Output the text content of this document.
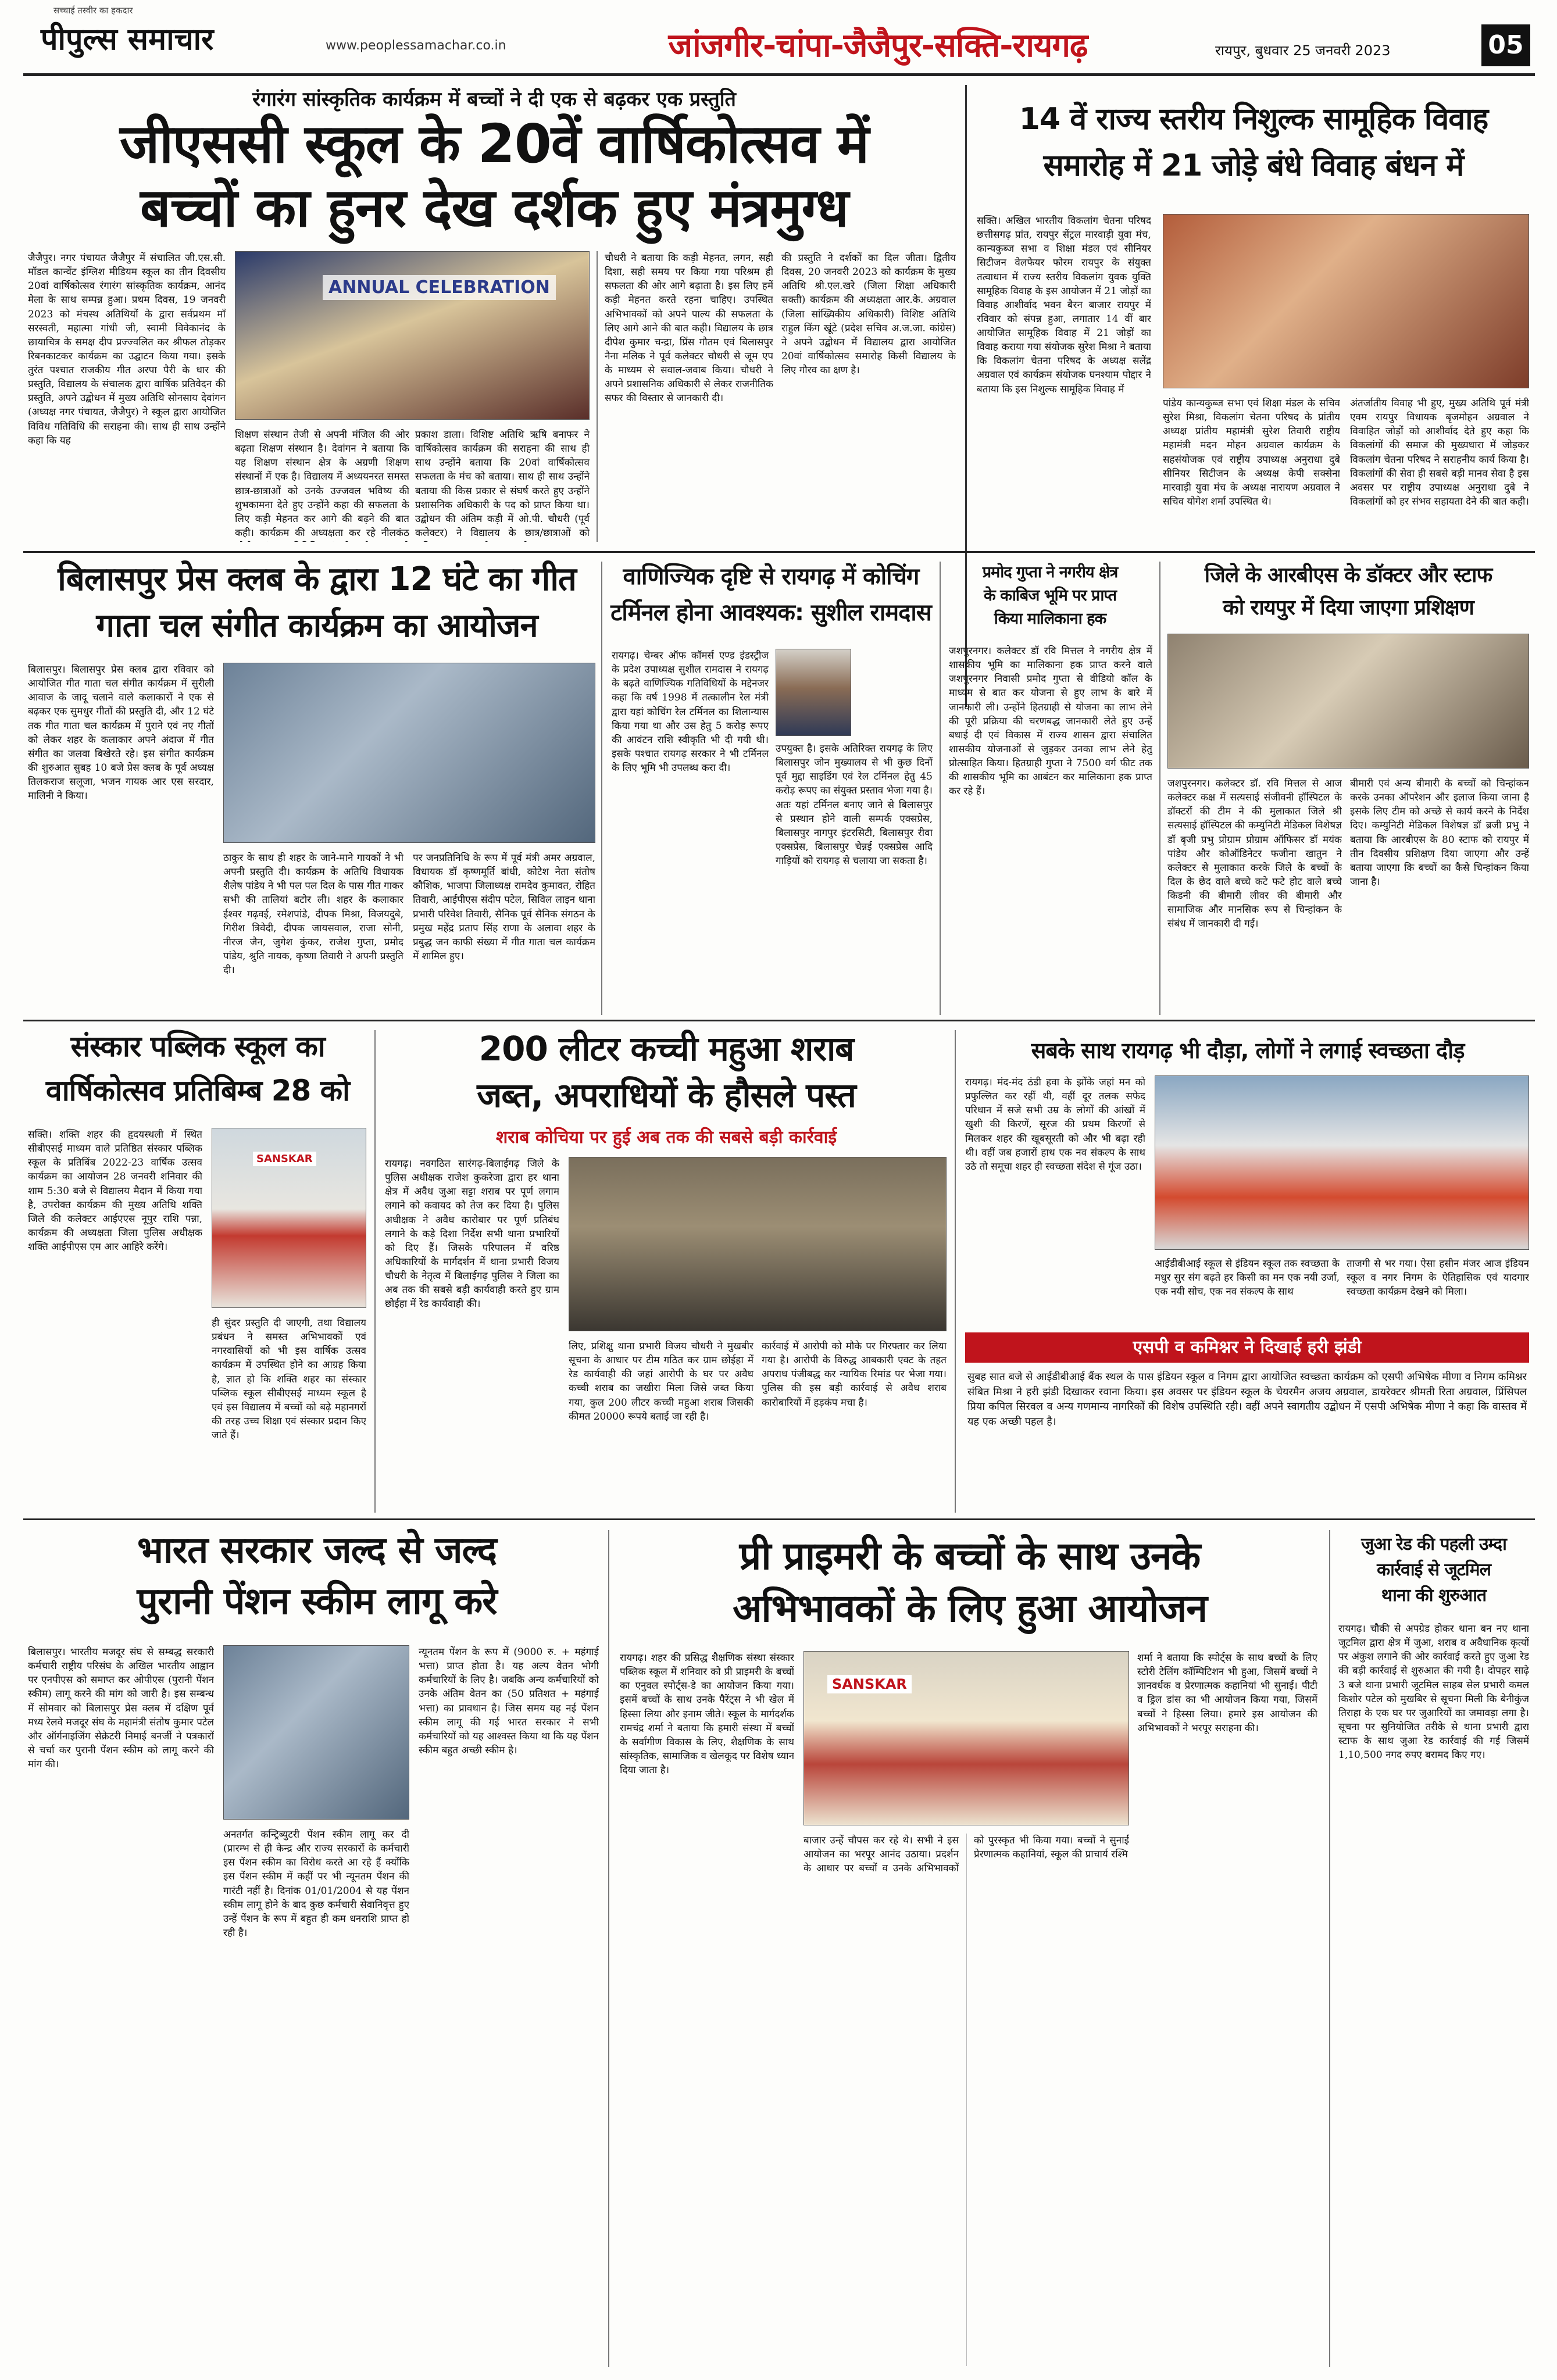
सच्चाई तस्वीर का हकदार
पीपुल्स समाचार	www.peoplessamachar.co.in	जांजगीर-चांपा-जैजैपुर-सक्ति-रायगढ़	रायपुर, बुधवार 25 जनवरी 2023	05
रंगारंग सांस्कृतिक कार्यक्रम में बच्चों ने दी एक से बढ़कर एक प्रस्तुति
जीएससी स्कूल के 20वें वार्षिकोत्सव में
बच्चों का हुनर देख दर्शक हुए मंत्रमुग्ध
जैजैपुर। नगर पंचायत जैजैपुर में संचालित जी.एस.सी. मॉडल कान्वेंट इंग्लिश मीडियम स्कूल का तीन दिवसीय 20वां वार्षिकोत्सव रंगारंग सांस्कृतिक कार्यक्रम, आनंद मेला के साथ सम्पन्न हुआ। प्रथम दिवस, 19 जनवरी 2023 को मंचस्थ अतिथियों के द्वारा सर्वप्रथम माँ सरस्वती, महात्मा गांधी जी, स्वामी विवेकानंद के छायाचित्र के समक्ष दीप प्रज्ज्वलित कर श्रीफल तोड़कर रिबनकाटकर कार्यक्रम का उद्घाटन किया गया। इसके तुरंत पश्चात राजकीय गीत अरपा पैरी के धार की प्रस्तुति, विद्यालय के संचालक द्वारा वार्षिक प्रतिवेदन की प्रस्तुति, अपने उद्बोधन में मुख्य अतिथि सोनसाय देवांगन (अध्यक्ष नगर पंचायत, जैजैपुर) ने स्कूल द्वारा आयोजित विविध गतिविधि की सराहना की। साथ ही साथ उन्होंने कहा कि यह
ANNUAL CELEBRATION
शिक्षण संस्थान तेजी से अपनी मंजिल की ओर बढ़ता शिक्षण संस्थान है। देवांगन ने बताया कि यह शिक्षण संस्थान क्षेत्र के अग्रणी शिक्षण संस्थानों में एक है। विद्यालय में अध्ययनरत समस्त छात्र-छात्राओं को उनके उज्जवल भविष्य की शुभकामना देते हुए उन्होंने कहा की सफलता के लिए कड़ी मेहनत कर आगे की बढ़ने की बात कही। कार्यक्रम की अध्यक्षता कर रहे नीलकंठ
प्रकाश डाला। विशिष्ट अतिथि ऋषि बनाफर ने वार्षिकोत्सव कार्यक्रम की सराहना की साथ ही साथ उन्होंने बताया कि 20वां वार्षिकोत्सव सफलता के मंच को बताया। साथ ही साथ उन्होंने बताया की किस प्रकार से संघर्ष करते हुए उन्होंने प्रशासनिक अधिकारी के पद को प्राप्त किया था। उद्बोधन की अंतिम कड़ी में ओ.पी. चौधरी (पूर्व कलेक्टर) ने विद्यालय के छात्र/छात्राओं को
चौधरी ने बताया कि कड़ी मेहनत, लगन, सही दिशा, सही समय पर किया गया परिश्रम ही सफलता की ओर आगे बढ़ाता है। इस लिए हमें कड़ी मेहनत करते रहना चाहिए। उपस्थित अभिभावकों को अपने पाल्य की सफलता के लिए आगे आने की बात कही। विद्यालय के छात्र दीपेश कुमार चन्द्रा, प्रिंस गौतम एवं बिलासपुर नैना मलिक ने पूर्व कलेक्टर चौधरी से जूम एप के माध्यम से सवाल-जवाब किया। चौधरी ने अपने प्रशासनिक अधिकारी से लेकर राजनीतिक सफर की विस्तार से जानकारी दी।
की प्रस्तुति ने दर्शकों का दिल जीता। द्वितीय दिवस, 20 जनवरी 2023 को कार्यक्रम के मुख्य अतिथि श्री.एल.खरे (जिला शिक्षा अधिकारी सक्ती) कार्यक्रम की अध्यक्षता आर.के. अग्रवाल (जिला सांख्यिकीय अधिकारी) विशिष्ट अतिथि राहुल किंग खूंटे (प्रदेश सचिव अ.ज.जा. कांग्रेस) ने अपने उद्बोधन में विद्यालय द्वारा आयोजित 20वां वार्षिकोत्सव समारोह किसी विद्यालय के लिए गौरव का क्षण है।
14 वें राज्य स्तरीय निशुल्क सामूहिक विवाह
समारोह में 21 जोड़े बंधे विवाह बंधन में
सक्ति। अखिल भारतीय विकलांग चेतना परिषद छत्तीसगढ़ प्रांत, रायपुर सेंट्रल मारवाड़ी युवा मंच, कान्यकुब्ज सभा व शिक्षा मंडल एवं सीनियर सिटीजन वेलफेयर फोरम रायपुर के संयुक्त तत्वाधान में राज्य स्तरीय विकलांग युवक युक्ति सामूहिक विवाह के इस आयोजन में 21 जोड़ों का विवाह आशीर्वाद भवन बैरन बाजार रायपुर में रविवार को संपन्न हुआ, लगातार 14 वीं बार आयोजित सामूहिक विवाह में 21 जोड़ों का विवाह कराया गया संयोजक सुरेश मिश्रा ने बताया कि विकलांग चेतना परिषद के अध्यक्ष सलेंद्र अग्रवाल एवं कार्यक्रम संयोजक घनश्याम पोद्दार ने बताया कि इस निशुल्क सामूहिक विवाह में
पांडेय कान्यकुब्ज सभा एवं शिक्षा मंडल के सचिव सुरेश मिश्रा, विकलांग चेतना परिषद के प्रांतीय अध्यक्ष प्रांतीय महामंत्री सुरेश तिवारी राष्ट्रीय महामंत्री मदन मोहन अग्रवाल कार्यक्रम के सहसंयोजक एवं राष्ट्रीय उपाध्यक्ष अनुराधा दुबे सीनियर सिटीजन के अध्यक्ष केपी सक्सेना मारवाड़ी युवा मंच के अध्यक्ष नारायण अग्रवाल ने सचिव योगेश शर्मा उपस्थित थे।
अंतर्जातीय विवाह भी हुए, मुख्य अतिथि पूर्व मंत्री एवम रायपुर विधायक बृजमोहन अग्रवाल ने विवाहित जोड़ों को आशीर्वाद देते हुए कहा कि विकलांगों की समाज की मुख्यधारा में जोड़कर विकलांग चेतना परिषद ने सराहनीय कार्य किया है। विकलांगों की सेवा ही सबसे बड़ी मानव सेवा है इस अवसर पर राष्ट्रीय उपाध्यक्ष अनुराधा दुबे ने विकलांगों को हर संभव सहायता देने की बात कही।
बिलासपुर प्रेस क्लब के द्वारा 12 घंटे का गीत
गाता चल संगीत कार्यक्रम का आयोजन
बिलासपुर। बिलासपुर प्रेस क्लब द्वारा रविवार को आयोजित गीत गाता चल संगीत कार्यक्रम में सुरीली आवाज के जादू चलाने वाले कलाकारों ने एक से बढ़कर एक सुमधुर गीतों की प्रस्तुति दी, और 12 घंटे तक गीत गाता चल कार्यक्रम में पुराने एवं नए गीतों को लेकर शहर के कलाकार अपने अंदाज में गीत संगीत का जलवा बिखेरते रहे। इस संगीत कार्यक्रम की शुरुआत सुबह 10 बजे प्रेस क्लब के पूर्व अध्यक्ष तिलकराज सलूजा, भजन गायक आर एस सरदार, मालिनी ने किया।
ठाकुर के साथ ही शहर के जाने-माने गायकों ने भी अपनी प्रस्तुति दी। कार्यक्रम के अतिथि विधायक शैलेष पांडेय ने भी पल पल दिल के पास गीत गाकर सभी की तालियां बटोर ली। शहर के कलाकार ईश्वर गढ़वई, रमेशपांडे, दीपक मिश्रा, विजयदुबे, गिरीश त्रिवेदी, दीपक जायसवाल, राजा सोनी, नीरज जैन, जुगेश कुंकर, राजेश गुप्ता, प्रमोद पांडेय, श्रुति नायक, कृष्णा तिवारी ने अपनी प्रस्तुति दी।
पर जनप्रतिनिधि के रूप में पूर्व मंत्री अमर अग्रवाल, विधायक डॉ कृष्णमूर्ति बांधी, कोटेश नेता संतोष कौशिक, भाजपा जिलाध्यक्ष रामदेव कुमावत, रोहित तिवारी, आईपीएस संदीप पटेल, सिविल लाइन थाना प्रभारी परिवेश तिवारी, सैनिक पूर्व सैनिक संगठन के प्रमुख महेंद्र प्रताप सिंह राणा के अलावा शहर के प्रबुद्ध जन काफी संख्या में गीत गाता चल कार्यक्रम में शामिल हुए।
वाणिज्यिक दृष्टि से रायगढ़ में कोचिंग
टर्मिनल होना आवश्यक: सुशील रामदास
रायगढ़। चेम्बर ऑफ कॉमर्स एण्ड इंडस्ट्रीज के प्रदेश उपाध्यक्ष सुशील रामदास ने रायगढ़ के बढ़ते वाणिज्यिक गतिविधियों के मद्देनजर कहा कि वर्ष 1998 में तत्कालीन रेल मंत्री द्वारा यहां कोचिंग रेल टर्मिनल का शिलान्यास किया गया था और उस हेतु 5 करोड़ रूपए की आवंटन राशि स्वीकृति भी दी गयी थी। इसके पश्चात रायगढ़ सरकार ने भी टर्मिनल के लिए भूमि भी उपलब्ध करा दी।
उपयुक्त है। इसके अतिरिक्त रायगढ़ के लिए बिलासपुर जोन मुख्यालय से भी कुछ दिनों पूर्व मुद्दा साइडिंग एवं रेल टर्मिनल हेतु 45 करोड़ रूपए का संयुक्त प्रस्ताव भेजा गया है। अतः यहां टर्मिनल बनाए जाने से बिलासपुर से प्रस्थान होने वाली सम्पर्क एक्सप्रेस, बिलासपुर नागपुर इंटरसिटी, बिलासपुर रीवा एक्सप्रेस, बिलासपुर चेन्नई एक्सप्रेस आदि गाड़ियों को रायगढ़ से चलाया जा सकता है।
प्रमोद गुप्ता ने नगरीय क्षेत्र
के काबिज भूमि पर प्राप्त
किया मालिकाना हक
जशपुरनगर। कलेक्टर डॉ रवि मित्तल ने नगरीय क्षेत्र में शासकीय भूमि का मालिकाना हक प्राप्त करने वाले जशपुरनगर निवासी प्रमोद गुप्ता से वीडियो कॉल के माध्यम से बात कर योजना से हुए लाभ के बारे में जानकारी ली। उन्होंने हितग्राही से योजना का लाभ लेने की पूरी प्रक्रिया की चरणबद्ध जानकारी लेते हुए उन्हें बधाई दी एवं विकास में राज्य शासन द्वारा संचालित शासकीय योजनाओं से जुड़कर उनका लाभ लेने हेतु प्रोत्साहित किया। हितग्राही गुप्ता ने 7500 वर्ग फीट तक की शासकीय भूमि का आबंटन कर मालिकाना हक प्राप्त कर रहे हैं।
जिले के आरबीएस के डॉक्टर और स्टाफ
को रायपुर में दिया जाएगा प्रशिक्षण
जशपुरनगर। कलेक्टर डॉ. रवि मित्तल से आज कलेक्टर कक्ष में सत्यसाई संजीवनी हॉस्पिटल के डॉक्टरों की टीम ने की मुलाकात जिले श्री सत्यसाई हॉस्पिटल की कम्युनिटी मेडिकल विशेषज्ञ डॉ बृजी प्रभु प्रोग्राम प्रोग्राम ऑफिसर डॉ मयंक पांडेय और कोऑडिनेटर फजीना खातुन ने कलेक्टर से मुलाकात करके जिले के बच्चों के दिल के छेद वाले बच्चे कटे फटे होट वाले बच्चे किडनी की बीमारी लीवर की बीमारी और सामाजिक और मानसिक रूप से चिन्हांकन के संबंध में जानकारी दी गई।
बीमारी एवं अन्य बीमारी के बच्चों को चिन्हांकन करके उनका ऑपरेशन और इलाज किया जाना है इसके लिए टीम को अच्छे से कार्य करने के निर्देश दिए। कम्युनिटी मेडिकल विशेषज्ञ डॉ ब्रजी प्रभु ने बताया कि आरबीएस के 80 स्टाफ को रायपुर में तीन दिवसीय प्रशिक्षण दिया जाएगा और उन्हें बताया जाएगा कि बच्चों का कैसे चिन्हांकन किया जाना है।
संस्कार पब्लिक स्कूल का
वार्षिकोत्सव प्रतिबिम्ब 28 को
सक्ति। शक्ति शहर की हृदयस्थली में स्थित सीबीएसई माध्यम वाले प्रतिष्ठित संस्कार पब्लिक स्कूल के प्रतिबिंब 2022-23 वार्षिक उत्सव कार्यक्रम का आयोजन 28 जनवरी शनिवार की शाम 5:30 बजे से विद्यालय मैदान में किया गया है, उपरोक्त कार्यक्रम की मुख्य अतिथि शक्ति जिले की कलेक्टर आईएएस नूपुर राशि पन्ना, कार्यक्रम की अध्यक्षता जिला पुलिस अधीक्षक शक्ति आईपीएस एम आर आहिरे करेंगे।
SANSKAR
ही सुंदर प्रस्तुति दी जाएगी, तथा विद्यालय प्रबंधन ने समस्त अभिभावकों एवं नगरवासियों को भी इस वार्षिक उत्सव कार्यक्रम में उपस्थित होने का आग्रह किया है, ज्ञात हो कि शक्ति शहर का संस्कार पब्लिक स्कूल सीबीएसई माध्यम स्कूल है एवं इस विद्यालय में बच्चों को बढ़े महानगरों की तरह उच्च शिक्षा एवं संस्कार प्रदान किए जाते हैं।
200 लीटर कच्ची महुआ शराब
जब्त, अपराधियों के हौसले पस्त
शराब कोचिया पर हुई अब तक की सबसे बड़ी कार्रवाई
रायगढ़। नवगठित सारंगढ़-बिलाईगढ़ जिले के पुलिस अधीक्षक राजेश कुकरेजा द्वारा हर थाना क्षेत्र में अवैध जुआ सट्टा शराब पर पूर्ण लगाम लगाने को कवायद को तेज कर दिया है। पुलिस अधीक्षक ने अवैध कारोबार पर पूर्ण प्रतिबंध लगाने के कड़े दिशा निर्देश सभी थाना प्रभारियों को दिए हैं। जिसके परिपालन में वरिष्ठ अधिकारियों के मार्गदर्शन में थाना प्रभारी विजय चौधरी के नेतृत्व में बिलाईगढ़ पुलिस ने जिला का अब तक की सबसे बड़ी कार्यवाही करते हुए ग्राम छोईहा में रेड कार्यवाही की।
लिए, प्रशिक्षु थाना प्रभारी विजय चौधरी ने मुखबीर सूचना के आधार पर टीम गठित कर ग्राम छोईहा में रेड कार्यवाही की जहां आरोपी के घर पर अवैध कच्ची शराब का जखीरा मिला जिसे जब्त किया गया, कुल 200 लीटर कच्ची महुआ शराब जिसकी कीमत 20000 रूपये बताई जा रही है।
कार्रवाई में आरोपी को मौके पर गिरफ्तार कर लिया गया है। आरोपी के विरुद्ध आबकारी एक्ट के तहत अपराध पंजीबद्ध कर न्यायिक रिमांड पर भेजा गया। पुलिस की इस बड़ी कार्रवाई से अवैध शराब कारोबारियों में हड़कंप मचा है।
सबके साथ रायगढ़ भी दौड़ा, लोगों ने लगाई स्वच्छता दौड़
रायगढ़। मंद-मंद ठंडी हवा के झोंके जहां मन को प्रफुल्लित कर रहीं थी, वहीं दूर तलक सफेद परिधान में सजे सभी उम्र के लोगों की आंखों में खुशी की किरणें, सूरज की प्रथम किरणों से मिलकर शहर की खूबसूरती को और भी बढ़ा रही थी। वहीं जब हजारों हाथ एक नव संकल्प के साथ उठे तो समूचा शहर ही स्वच्छता संदेश से गूंज उठा।
आईडीबीआई स्कूल से इंडियन स्कूल तक स्वच्छता के मधुर सुर संग बढ़ते हर किसी का मन एक नयी उर्जा, एक नयी सोच, एक नव संकल्प के साथ
ताजगी से भर गया। ऐसा हसीन मंजर आज इंडियन स्कूल व नगर निगम के ऐतिहासिक एवं यादगार स्वच्छता कार्यक्रम देखने को मिला।
एसपी व कमिश्नर ने दिखाई हरी झंडी
सुबह सात बजे से आईडीबीआई बैंक स्थल के पास इंडियन स्कूल व निगम द्वारा आयोजित स्वच्छता कार्यक्रम को एसपी अभिषेक मीणा व निगम कमिश्नर संबित मिश्रा ने हरी झंडी दिखाकर रवाना किया। इस अवसर पर इंडियन स्कूल के चेयरमैन अजय अग्रवाल, डायरेक्टर श्रीमती रिता अग्रवाल, प्रिंसिपल प्रिया कपिल सिरवल व अन्य गणमान्य नागरिकों की विशेष उपस्थिति रही। वहीं अपने स्वागतीय उद्बोधन में एसपी अभिषेक मीणा ने कहा कि वास्तव में यह एक अच्छी पहल है।
भारत सरकार जल्द से जल्द
पुरानी पेंशन स्कीम लागू करे
बिलासपुर। भारतीय मजदूर संघ से सम्बद्ध सरकारी कर्मचारी राष्ट्रीय परिसंघ के अखिल भारतीय आह्वान पर एनपीएस को समाप्त कर ओपीएस (पुरानी पेंशन स्कीम) लागू करने की मांग को जारी है। इस सम्बन्ध में सोमवार को बिलासपुर प्रेस क्लब में दक्षिण पूर्व मध्य रेलवे मजदूर संघ के महामंत्री संतोष कुमार पटेल और ऑर्गनाइजिंग सेक्रेटरी निमाई बनर्जी ने पत्रकारों से चर्चा कर पुरानी पेंशन स्कीम को लागू करने की मांग की।
अनतर्गत कन्ट्रिब्युटरी पेंशन स्कीम लागू कर दी (प्रारम्भ से ही केन्द्र और राज्य सरकारों के कर्मचारी इस पेंशन स्कीम का विरोध करते आ रहे हैं क्योंकि इस पेंशन स्कीम में कहीं पर भी न्यूनतम पेंशन की गारंटी नहीं है। दिनांक 01/01/2004 से यह पेंशन स्कीम लागू होने के बाद कुछ कर्मचारी सेवानिवृत्त हुए उन्हें पेंशन के रूप में बहुत ही कम धनराशि प्राप्त हो रही है।
न्यूनतम पेंशन के रूप में (9000 रु. + महंगाई भत्ता) प्राप्त होता है। यह अल्प वेतन भोगी कर्मचारियों के लिए है। जबकि अन्य कर्मचारियों को उनके अंतिम वेतन का (50 प्रतिशत + महंगाई भत्ता) का प्रावधान है। जिस समय यह नई पेंशन स्कीम लागू की गई भारत सरकार ने सभी कर्मचारियों को यह आश्वस्त किया था कि यह पेंशन स्कीम बहुत अच्छी स्कीम है।
प्री प्राइमरी के बच्चों के साथ उनके
अभिभावकों के लिए हुआ आयोजन
रायगढ़। शहर की प्रसिद्ध शैक्षणिक संस्था संस्कार पब्लिक स्कूल में शनिवार को प्री प्राइमरी के बच्चों का एनुवल स्पोर्ट्स-डे का आयोजन किया गया। इसमें बच्चों के साथ उनके पैरेंट्स ने भी खेल में हिस्सा लिया और इनाम जीते। स्कूल के मार्गदर्शक रामचंद्र शर्मा ने बताया कि हमारी संस्था में बच्चों के सर्वांगीण विकास के लिए, शैक्षणिक के साथ सांस्कृतिक, सामाजिक व खेलकूद पर विशेष ध्यान दिया जाता है।
SANSKAR
शर्मा ने बताया कि स्पोर्ट्स के साथ बच्चों के लिए स्टोरी टेलिंग कॉम्पिटिशन भी हुआ, जिसमें बच्चों ने ज्ञानवर्धक व प्रेरणात्मक कहानियां भी सुनाई। पीटी व ड्रिल डांस का भी आयोजन किया गया, जिसमें बच्चों ने हिस्सा लिया। हमारे इस आयोजन की अभिभावकों ने भरपूर सराहना की।
बाजार उन्हें चौपस कर रहे थे। सभी ने इस आयोजन का भरपूर आनंद उठाया। प्रदर्शन के आधार पर बच्चों व उनके अभिभावकों को पुरस्कृत भी किया गया। बच्चों ने सुनाईं प्रेरणात्मक कहानियां, स्कूल की प्राचार्य रश्मि
जुआ रेड की पहली उम्दा
कार्रवाई से जूटमिल
थाना की शुरुआत
रायगढ़। चौकी से अपग्रेड होकर थाना बन नए थाना जूटमिल द्वारा क्षेत्र में जुआ, शराब व अवैधानिक कृत्यों पर अंकुश लगाने की ओर कार्रवाई करते हुए जुआ रेड की बड़ी कार्रवाई से शुरुआत की गयी है। दोपहर साढ़े 3 बजे थाना प्रभारी जूटमिल साहब सेल प्रभारी कमल किशोर पटेल को मुखबिर से सूचना मिली कि बेनीकुंज तिराहा के एक घर पर जुआरियों का जमावड़ा लगा है। सूचना पर सुनियोजित तरीके से थाना प्रभारी द्वारा स्टाफ के साथ जुआ रेड कार्रवाई की गई जिसमें 1,10,500 नगद रुपए बरामद किए गए।
